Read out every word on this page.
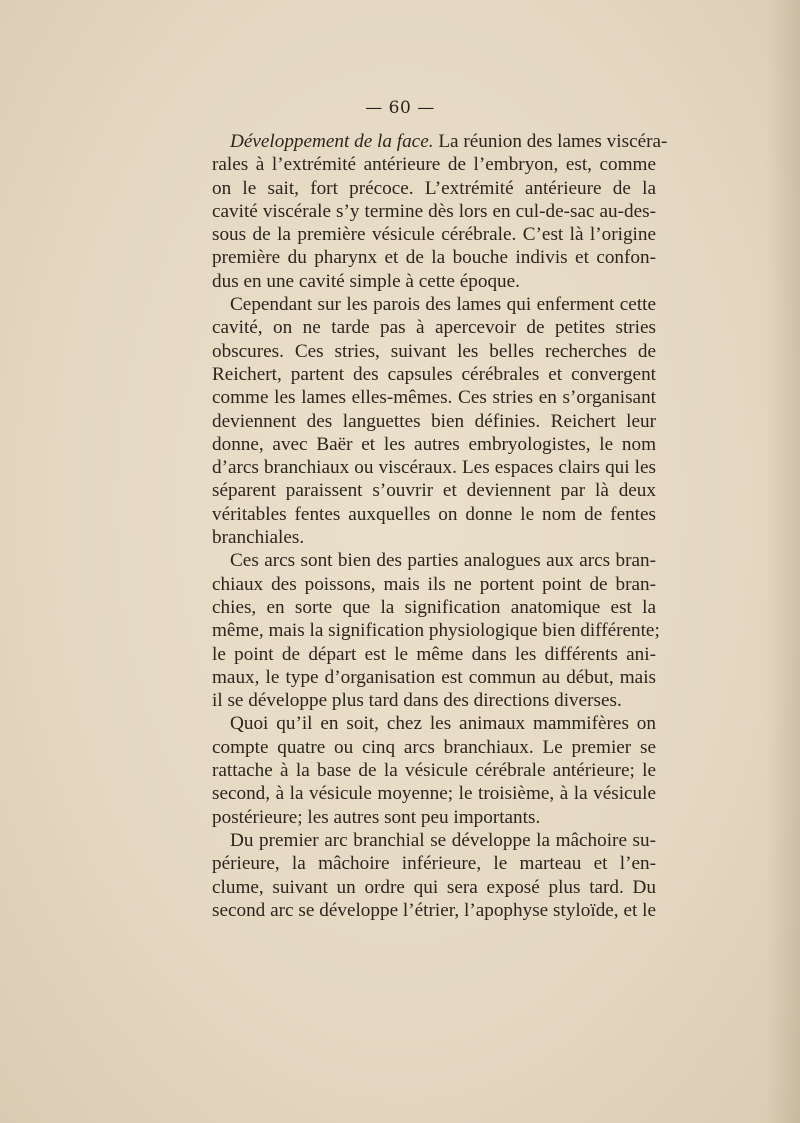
— 60 —
Développement de la face. La réunion des lames viscéra-
rales à l’extrémité antérieure de l’embryon, est, comme
on le sait, fort précoce. L’extrémité antérieure de la
cavité viscérale s’y termine dès lors en cul-de-sac au-des-
sous de la première vésicule cérébrale. C’est là l’origine
première du pharynx et de la bouche indivis et confon-
dus en une cavité simple à cette époque.
Cependant sur les parois des lames qui enferment cette
cavité, on ne tarde pas à apercevoir de petites stries
obscures. Ces stries, suivant les belles recherches de
Reichert, partent des capsules cérébrales et convergent
comme les lames elles-mêmes. Ces stries en s’organisant
deviennent des languettes bien définies. Reichert leur
donne, avec Baër et les autres embryologistes, le nom
d’arcs branchiaux ou viscéraux. Les espaces clairs qui les
séparent paraissent s’ouvrir et deviennent par là deux
véritables fentes auxquelles on donne le nom de fentes
branchiales.
Ces arcs sont bien des parties analogues aux arcs bran-
chiaux des poissons, mais ils ne portent point de bran-
chies, en sorte que la signification anatomique est la
même, mais la signification physiologique bien différente;
le point de départ est le même dans les différents ani-
maux, le type d’organisation est commun au début, mais
il se développe plus tard dans des directions diverses.
Quoi qu’il en soit, chez les animaux mammifères on
compte quatre ou cinq arcs branchiaux. Le premier se
rattache à la base de la vésicule cérébrale antérieure; le
second, à la vésicule moyenne; le troisième, à la vésicule
postérieure; les autres sont peu importants.
Du premier arc branchial se développe la mâchoire su-
périeure, la mâchoire inférieure, le marteau et l’en-
clume, suivant un ordre qui sera exposé plus tard. Du
second arc se développe l’étrier, l’apophyse styloïde, et le
